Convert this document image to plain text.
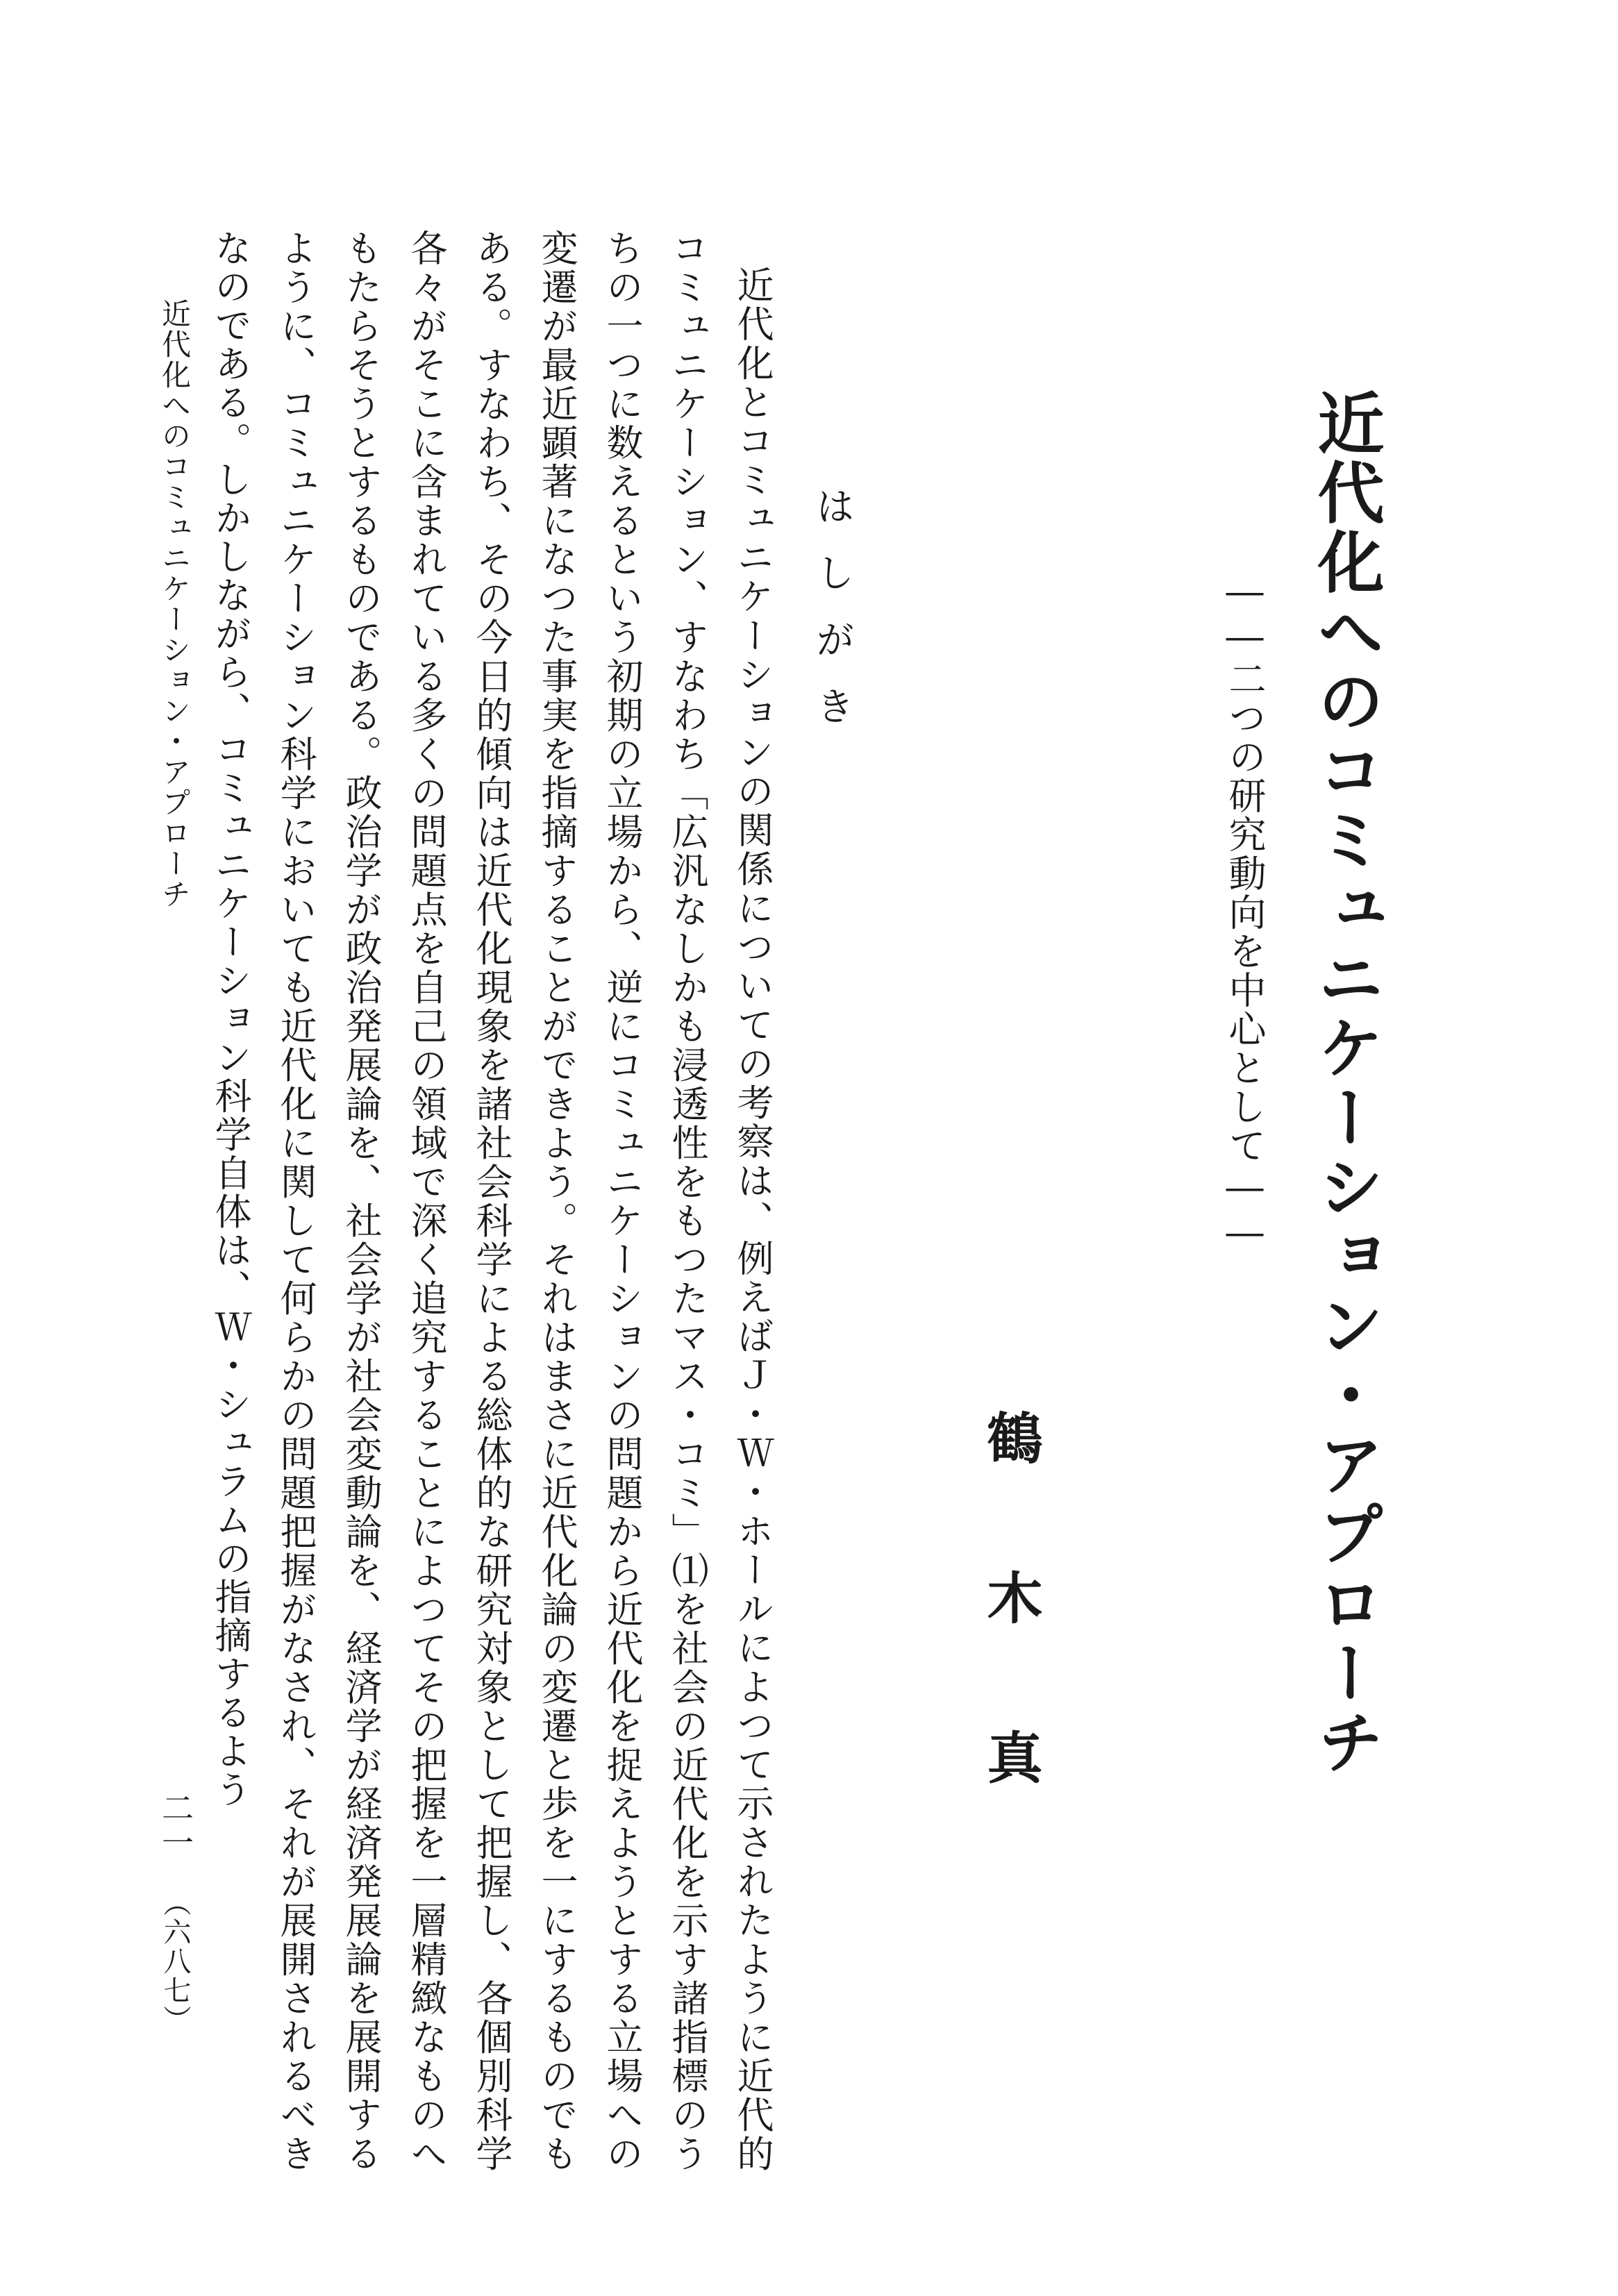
近代化へのコミュニケーション・アプローチ
――二つの研究動向を中心として――
鶴木真
はしがき

近代化とコミュニケーションの関係についての考察は、例えばＪ・Ｗ・ホールによつて示されたように近代的コミュニケーション、すなわち「広汎なしかも浸透性をもつたマス・コミ」⑴を社会の近代化を示す諸指標のうちの一つに数えるという初期の立場から、逆にコミュニケーションの問題から近代化を捉えようとする立場への変遷が最近顕著になつた事実を指摘することができよう。それはまさに近代化論の変遷と歩を一にするものでもある。すなわち、その今日的傾向は近代化現象を諸社会科学による総体的な研究対象として把握し、各個別科学各々がそこに含まれている多くの問題点を自己の領域で深く追究することによつてその把握を一層精緻なものへもたらそうとするものである。政治学が政治発展論を、社会学が社会変動論を、経済学が経済発展論を展開するように、コミュニケーション科学においても近代化に関して何らかの問題把握がなされ、それが展開されるべきなのである。しかしながら、コミュニケーション科学自体は、Ｗ・シュラムの指摘するよう

近代化へのコミュニケーション・アプローチ
二一
（六八七）
